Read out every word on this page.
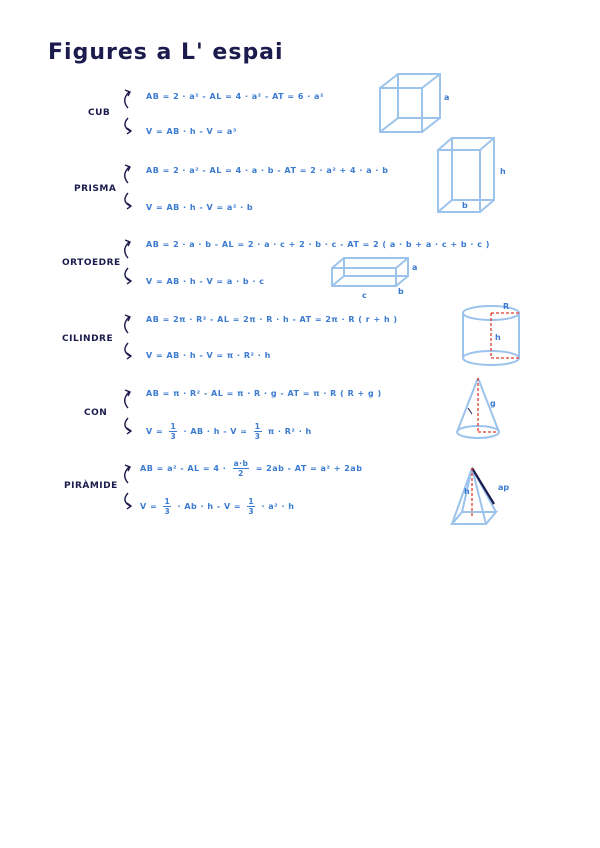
Figures a L' espai
CUB
AB = 2 · a² - AL = 4 · a² - AT = 6 · a²
V = AB · h - V = a³
PRISMA
AB = 2 · a² - AL = 4 · a · b - AT = 2 · a² + 4 · a · b
V = AB · h - V = a² · b
ORTOEDRE
AB = 2 · a · b - AL = 2 · a · c + 2 · b · c - AT = 2 ( a · b + a · c + b · c )
V = AB · h - V = a · b · c
CILINDRE
AB = 2π · R² - AL = 2π · R · h - AT = 2π · R ( r + h )
V = AB · h - V = π · R² · h
CON
AB = π · R² - AL = π · R · g - AT = π · R ( R + g )
$V = \frac{1}{3}$ · AB · $h - V = \frac{1}{3}$ π · R² · h
PIRÀMIDE
AB = a² - AL = $4 \cdot \frac{a\cdot b}{2} = 2ab$ - AT = a² + 2ab
$V = \frac{1}{3} \cdot Ab \cdot h - V = \frac{1}{3} \cdot a^2 \cdot h$
a
h
b
a
c	b
R
h
g
h	ap
